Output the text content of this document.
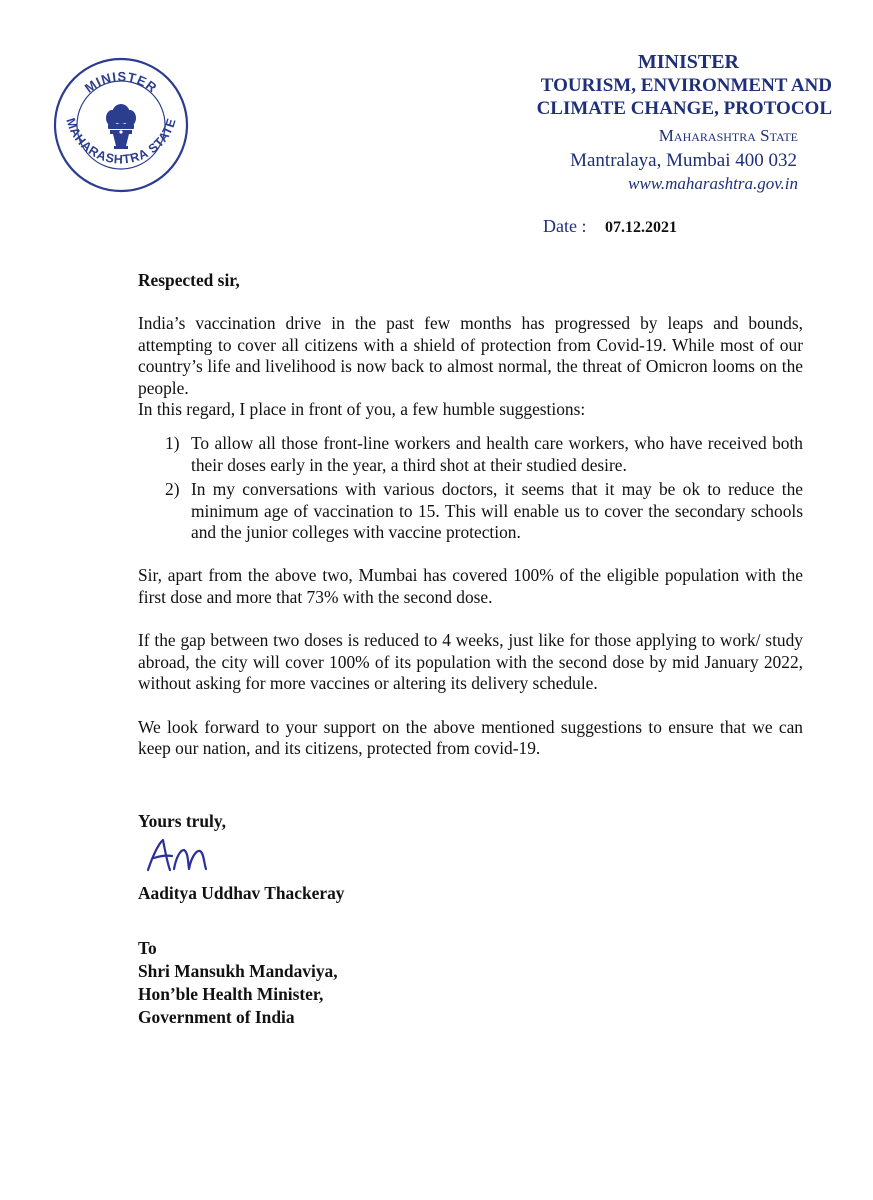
MINISTER
MAHARASHTRA STATE
MINISTER
TOURISM, ENVIRONMENT AND
CLIMATE CHANGE, PROTOCOL
Maharashtra State
Mantralaya, Mumbai 400 032
www.maharashtra.gov.in
Date : 07.12.2021

Respected sir,

India’s vaccination drive in the past few months has progressed by leaps and bounds, attempting to cover all citizens with a shield of protection from Covid-19. While most of our country’s life and livelihood is now back to almost normal, the threat of Omicron looms on the people.

In this regard, I place in front of you, a few humble suggestions:

1) To allow all those front-line workers and health care workers, who have received both their doses early in the year, a third shot at their studied desire.
2) In my conversations with various doctors, it seems that it may be ok to reduce the minimum age of vaccination to 15. This will enable us to cover the secondary schools and the junior colleges with vaccine protection.

Sir, apart from the above two, Mumbai has covered 100% of the eligible population with the first dose and more that 73% with the second dose.

If the gap between two doses is reduced to 4 weeks, just like for those applying to work/ study abroad, the city will cover 100% of its population with the second dose by mid January 2022, without asking for more vaccines or altering its delivery schedule.

We look forward to your support on the above mentioned suggestions to ensure that we can keep our nation, and its citizens, protected from covid-19.

Yours truly,
Aaditya Uddhav Thackeray
To
Shri Mansukh Mandaviya,
Hon’ble Health Minister,
Government of India
